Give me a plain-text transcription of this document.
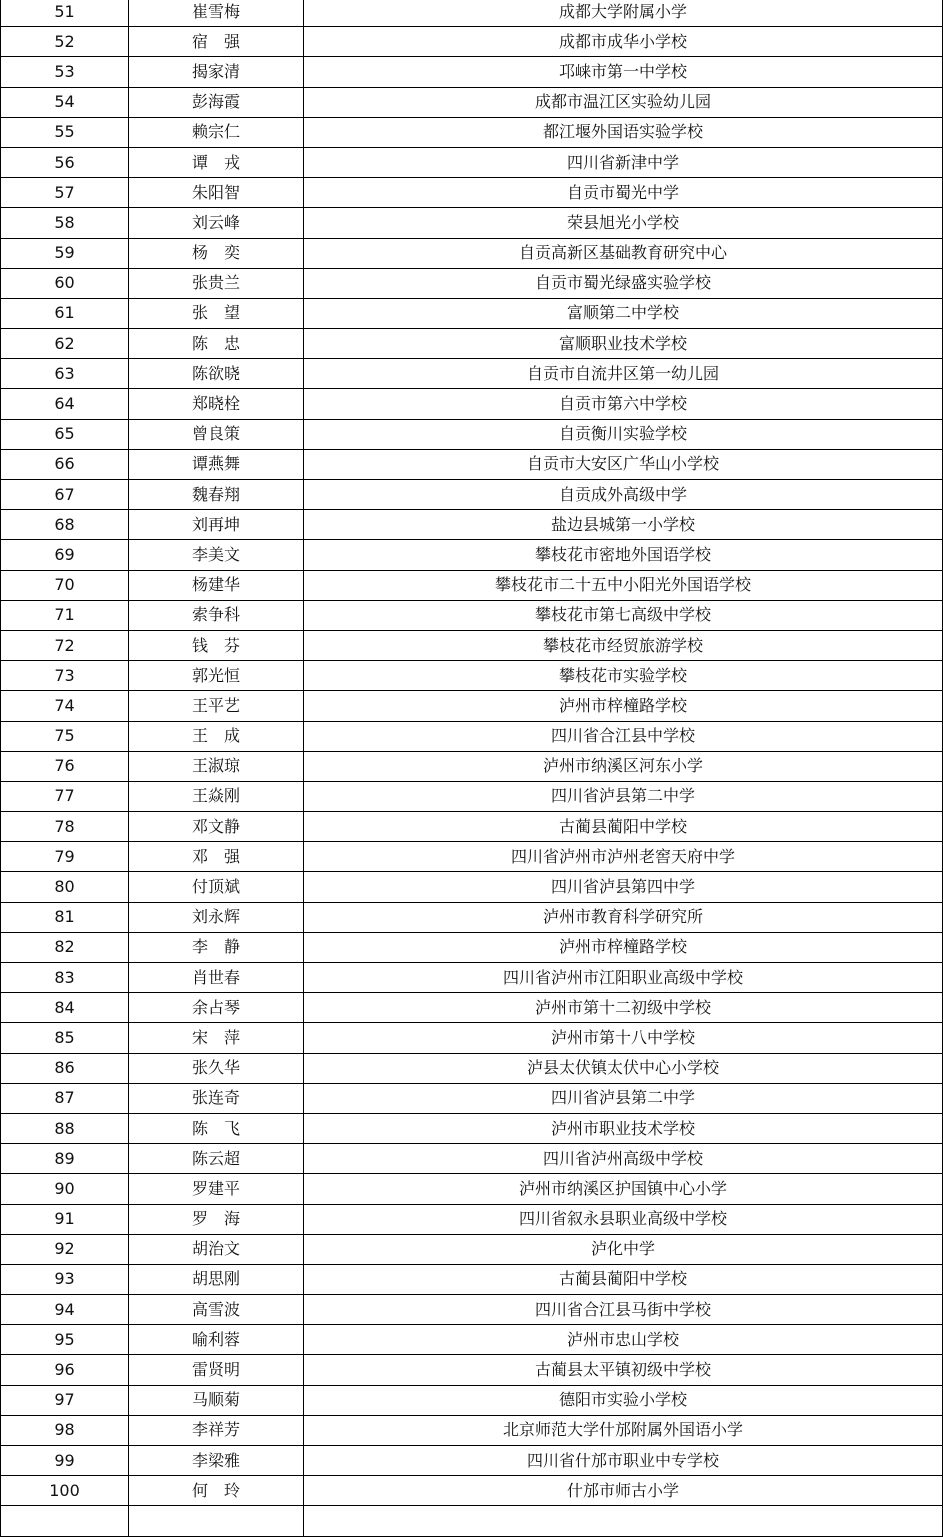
51	崔雪梅	成都大学附属小学
52	宿　强	成都市成华小学校
53	揭家清	邛崃市第一中学校
54	彭海霞	成都市温江区实验幼儿园
55	赖宗仁	都江堰外国语实验学校
56	谭　戎	四川省新津中学
57	朱阳智	自贡市蜀光中学
58	刘云峰	荣县旭光小学校
59	杨　奕	自贡高新区基础教育研究中心
60	张贵兰	自贡市蜀光绿盛实验学校
61	张　望	富顺第二中学校
62	陈　忠	富顺职业技术学校
63	陈欲晓	自贡市自流井区第一幼儿园
64	郑晓栓	自贡市第六中学校
65	曾良策	自贡衡川实验学校
66	谭燕舞	自贡市大安区广华山小学校
67	魏春翔	自贡成外高级中学
68	刘再坤	盐边县城第一小学校
69	李美文	攀枝花市密地外国语学校
70	杨建华	攀枝花市二十五中小阳光外国语学校
71	索争科	攀枝花市第七高级中学校
72	钱　芬	攀枝花市经贸旅游学校
73	郭光恒	攀枝花市实验学校
74	王平艺	泸州市梓橦路学校
75	王　成	四川省合江县中学校
76	王淑琼	泸州市纳溪区河东小学
77	王焱刚	四川省泸县第二中学
78	邓文静	古蔺县蔺阳中学校
79	邓　强	四川省泸州市泸州老窖天府中学
80	付顶斌	四川省泸县第四中学
81	刘永辉	泸州市教育科学研究所
82	李　静	泸州市梓橦路学校
83	肖世春	四川省泸州市江阳职业高级中学校
84	余占琴	泸州市第十二初级中学校
85	宋　萍	泸州市第十八中学校
86	张久华	泸县太伏镇太伏中心小学校
87	张连奇	四川省泸县第二中学
88	陈　飞	泸州市职业技术学校
89	陈云超	四川省泸州高级中学校
90	罗建平	泸州市纳溪区护国镇中心小学
91	罗　海	四川省叙永县职业高级中学校
92	胡治文	泸化中学
93	胡思刚	古蔺县蔺阳中学校
94	高雪波	四川省合江县马街中学校
95	喻利蓉	泸州市忠山学校
96	雷贤明	古蔺县太平镇初级中学校
97	马顺菊	德阳市实验小学校
98	李祥芳	北京师范大学什邡附属外国语小学
99	李梁雅	四川省什邡市职业中专学校
100	何　玲	什邡市师古小学
